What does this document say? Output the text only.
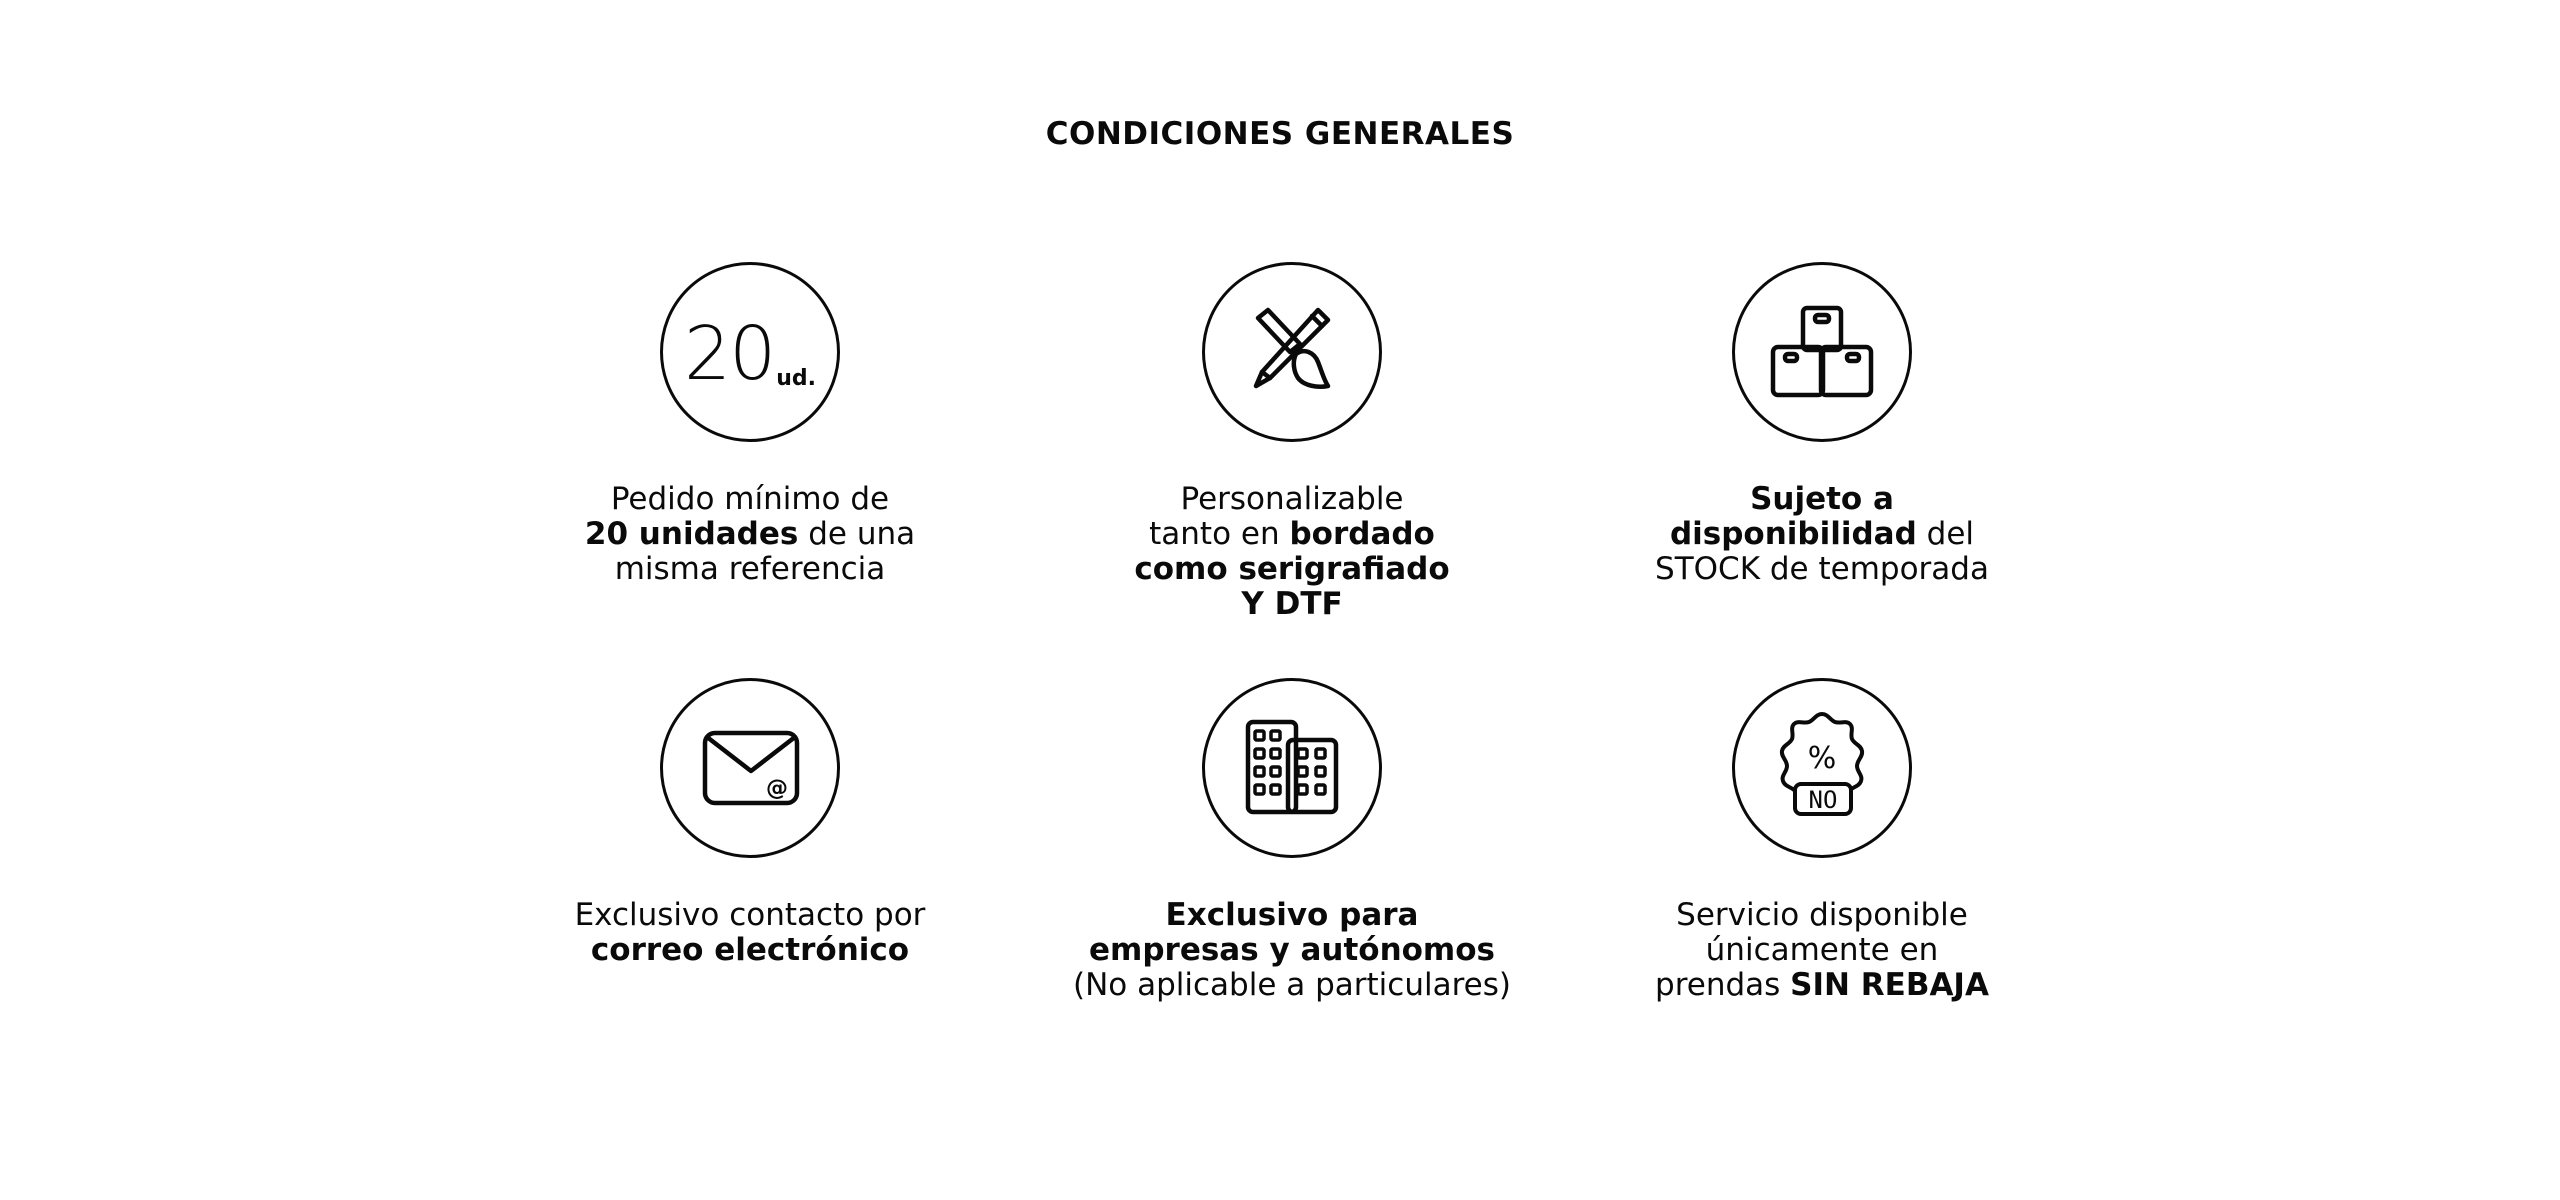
CONDICIONES GENERALES
20 ud.
Pedido mínimo de
20 unidades de una
misma referencia
Personalizable
tanto en bordado
como serigrafiado
Y DTF
Sujeto a
disponibilidad del
STOCK de temporada
@
Exclusivo contacto por
correo electrónico
Exclusivo para
empresas y autónomos
(No aplicable a particulares)
%
NO
Servicio disponible
únicamente en
prendas SIN REBAJA
